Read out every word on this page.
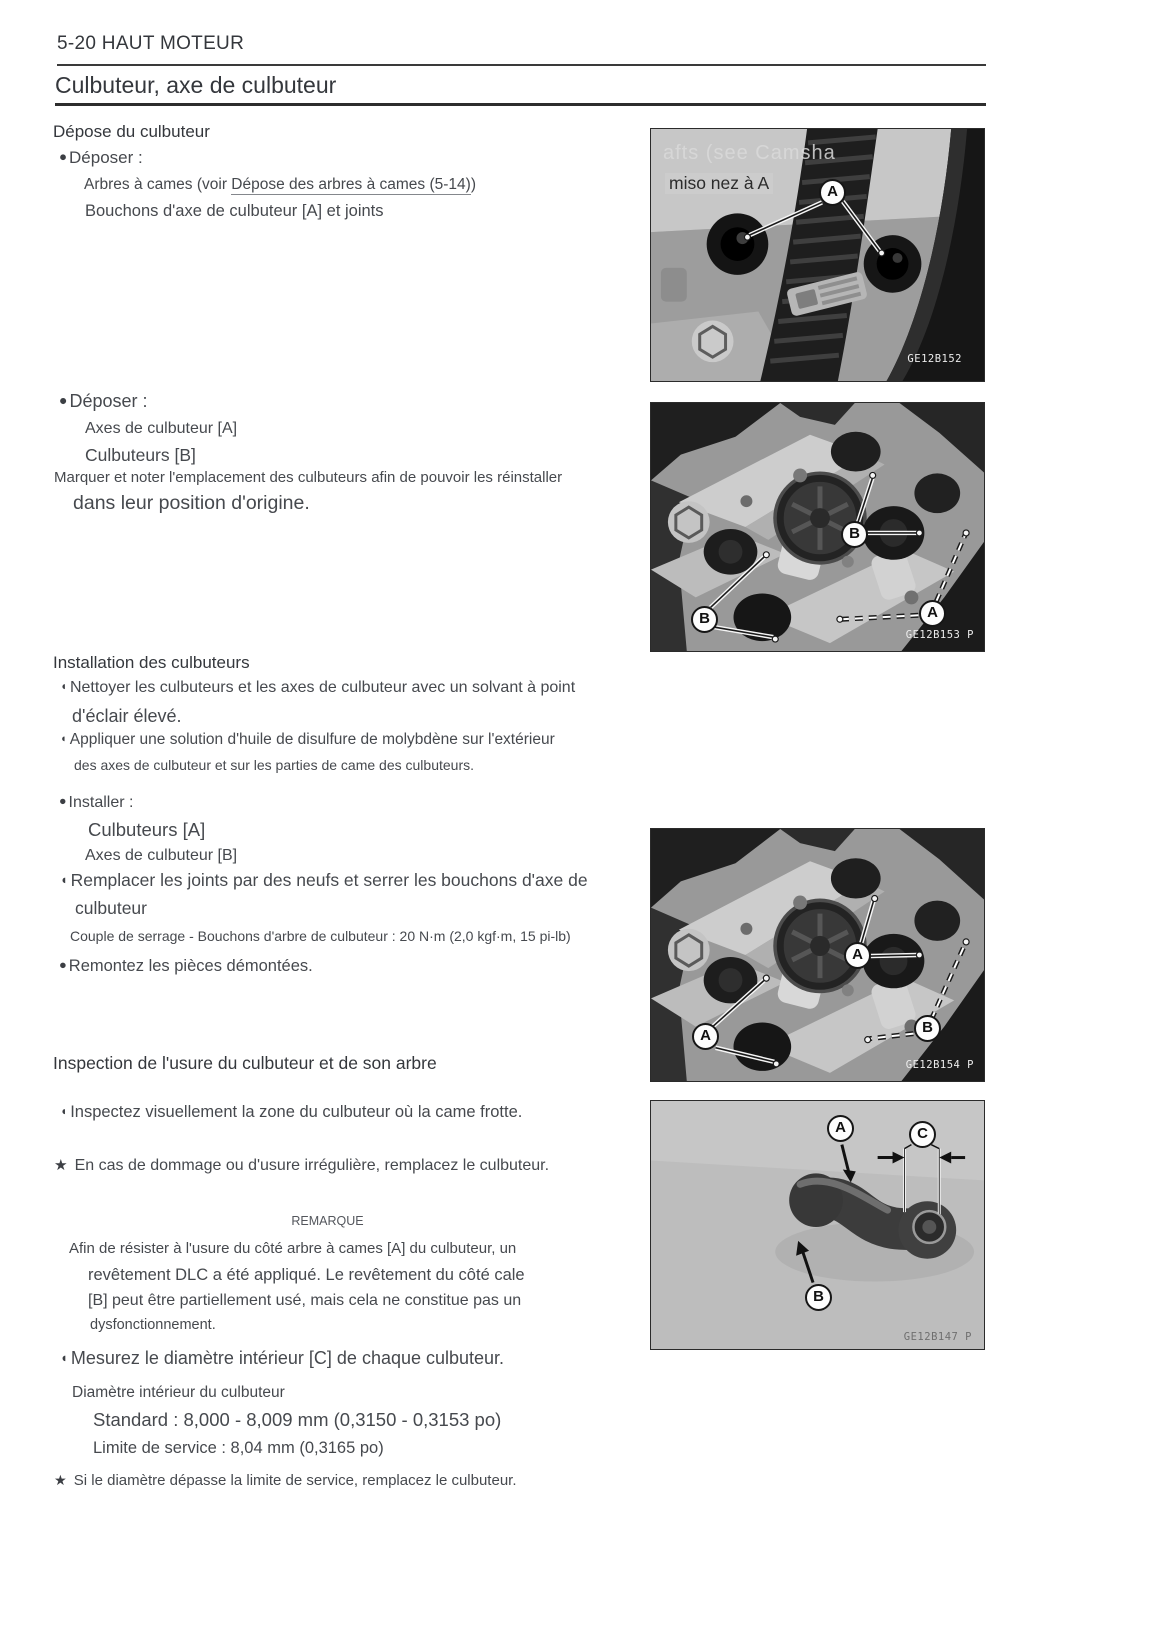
5-20 HAUT MOTEUR
Culbuteur, axe de culbuteur
Dépose du culbuteur
● Déposer :
Arbres à cames (voir Dépose des arbres à cames (5-14))
Bouchons d'axe de culbuteur [A] et joints
● Déposer :
Axes de culbuteur [A]
Culbuteurs [B]
Marquer et noter l'emplacement des culbuteurs afin de pouvoir les réinstaller
dans leur position d'origine.
Installation des culbuteurs
◖ Nettoyer les culbuteurs et les axes de culbuteur avec un solvant à point
d'éclair élevé.
◖ Appliquer une solution d'huile de disulfure de molybdène sur l'extérieur
des axes de culbuteur et sur les parties de came des culbuteurs.
● Installer :
Culbuteurs [A]
Axes de culbuteur [B]
◖ Remplacer les joints par des neufs et serrer les bouchons d'axe de
culbuteur
Couple de serrage - Bouchons d'arbre de culbuteur : 20 N·m (2,0 kgf·m, 15 pi-lb)
● Remontez les pièces démontées.
Inspection de l'usure du culbuteur et de son arbre
◖ Inspectez visuellement la zone du culbuteur où la came frotte.
★ En cas de dommage ou d'usure irrégulière, remplacez le culbuteur.
REMARQUE
Afin de résister à l'usure du côté arbre à cames [A] du culbuteur, un
revêtement DLC a été appliqué. Le revêtement du côté cale
[B] peut être partiellement usé, mais cela ne constitue pas un
dysfonctionnement.
◖ Mesurez le diamètre intérieur [C] de chaque culbuteur.
Diamètre intérieur du culbuteur
Standard : 8,000 - 8,009 mm (0,3150 - 0,3153 po)
Limite de service : 8,04 mm (0,3165 po)
★ Si le diamètre dépasse la limite de service, remplacez le culbuteur.
afts (see Camsha
miso nez à A	A
GE12B152
B
B	A
GE12B153 P
A
A	B
GE12B154 P
A	C
B
GE12B147 P
